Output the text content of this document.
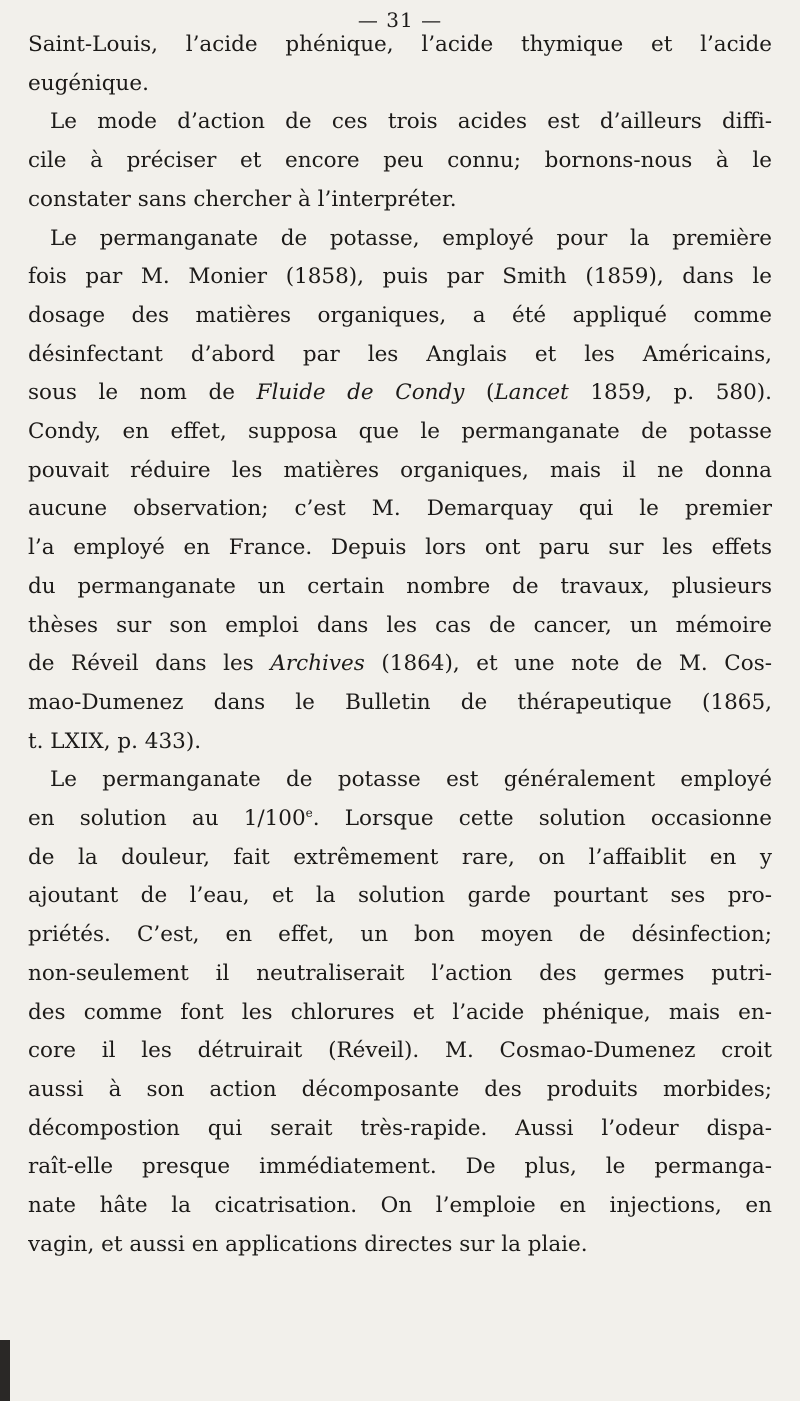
— 31 —
Saint-Louis, l’acide phénique, l’acide thymique et l’acide
eugénique.
Le mode d’action de ces trois acides est d’ailleurs diffi-
cile à préciser et encore peu connu; bornons-nous à le
constater sans chercher à l’interpréter.
Le permanganate de potasse, employé pour la première
fois par M. Monier (1858), puis par Smith (1859), dans le
dosage des matières organiques, a été appliqué comme
désinfectant d’abord par les Anglais et les Américains,
sous le nom de Fluide de Condy (Lancet 1859, p. 580).
Condy, en effet, supposa que le permanganate de potasse
pouvait réduire les matières organiques, mais il ne donna
aucune observation; c’est M. Demarquay qui le premier
l’a employé en France. Depuis lors ont paru sur les effets
du permanganate un certain nombre de travaux, plusieurs
thèses sur son emploi dans les cas de cancer, un mémoire
de Réveil dans les Archives (1864), et une note de M. Cos-
mao-Dumenez dans le Bulletin de thérapeutique (1865,
t. LXIX, p. 433).
Le permanganate de potasse est généralement employé
en solution au 1/100e. Lorsque cette solution occasionne
de la douleur, fait extrêmement rare, on l’affaiblit en y
ajoutant de l’eau, et la solution garde pourtant ses pro-
priétés. C’est, en effet, un bon moyen de désinfection;
non-seulement il neutraliserait l’action des germes putri-
des comme font les chlorures et l’acide phénique, mais en-
core il les détruirait (Réveil). M. Cosmao-Dumenez croit
aussi à son action décomposante des produits morbides;
décompostion qui serait très-rapide. Aussi l’odeur dispa-
raît-elle presque immédiatement. De plus, le permanga-
nate hâte la cicatrisation. On l’emploie en injections, en
vagin, et aussi en applications directes sur la plaie.
